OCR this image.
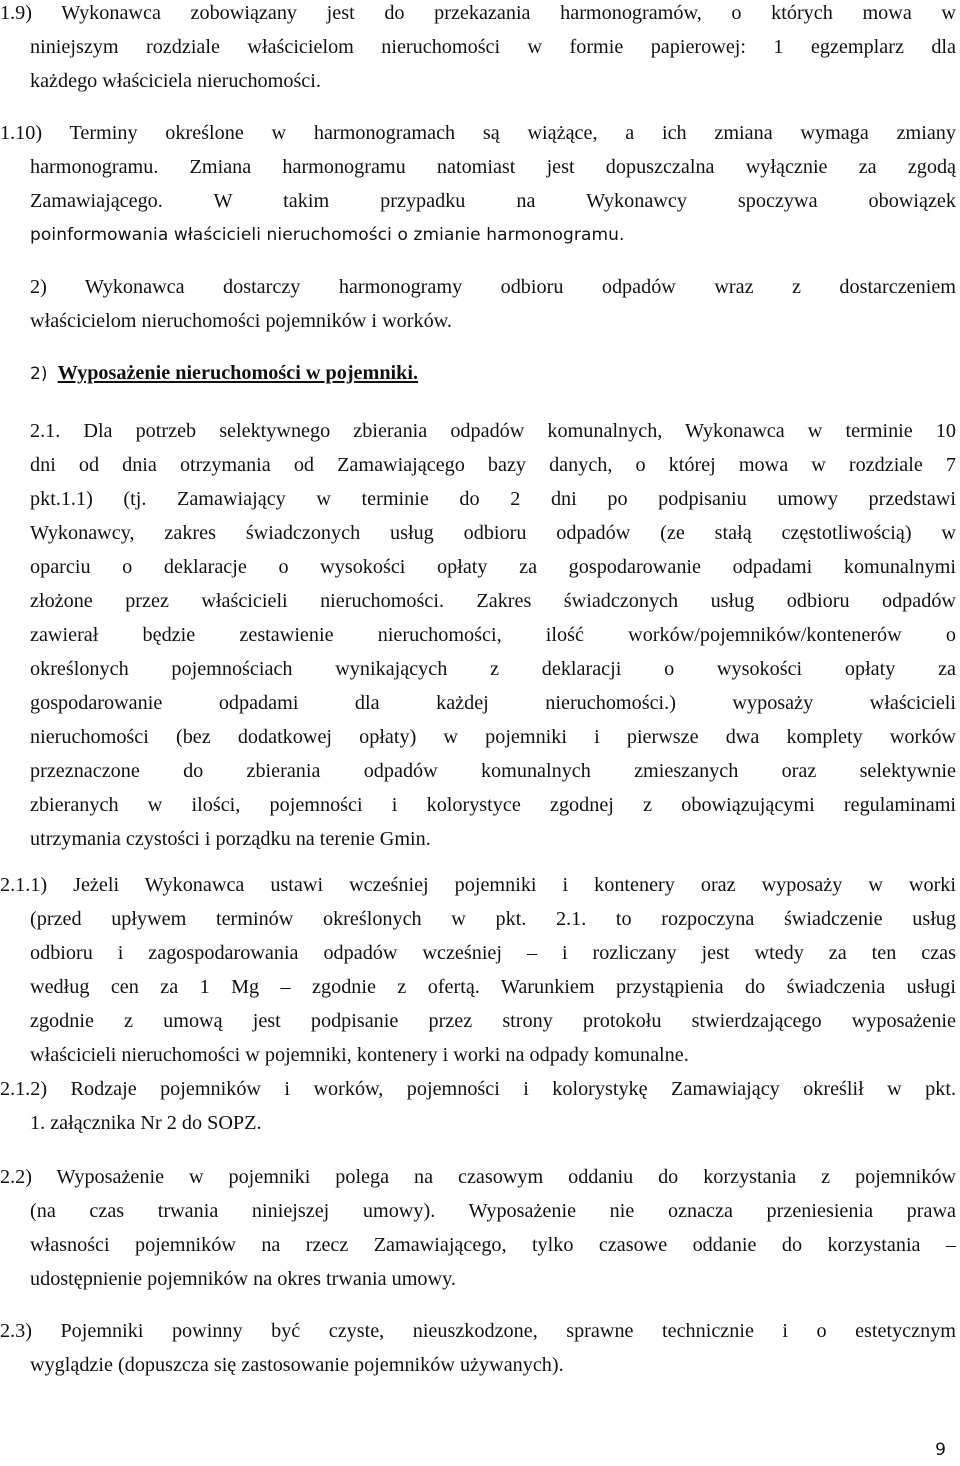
1.9) Wykonawca zobowiązany jest do przekazania harmonogramów, o których mowa w
niniejszym rozdziale właścicielom nieruchomości w formie papierowej: 1 egzemplarz dla
każdego właściciela nieruchomości.
1.10) Terminy określone w harmonogramach są wiążące, a ich zmiana wymaga zmiany
harmonogramu. Zmiana harmonogramu natomiast jest dopuszczalna wyłącznie za zgodą
Zamawiającego. W takim przypadku na Wykonawcy spoczywa obowiązek
poinformowania właścicieli nieruchomości o zmianie harmonogramu.
2) Wykonawca dostarczy harmonogramy odbioru odpadów wraz z dostarczeniem
właścicielom nieruchomości pojemników i worków.
2) Wyposażenie nieruchomości w pojemniki.
2.1. Dla potrzeb selektywnego zbierania odpadów komunalnych, Wykonawca w terminie 10
dni od dnia otrzymania od Zamawiającego bazy danych, o której mowa w rozdziale 7
pkt.1.1) (tj. Zamawiający w terminie do 2 dni po podpisaniu umowy przedstawi
Wykonawcy, zakres świadczonych usług odbioru odpadów (ze stałą częstotliwością) w
oparciu o deklaracje o wysokości opłaty za gospodarowanie odpadami komunalnymi
złożone przez właścicieli nieruchomości. Zakres świadczonych usług odbioru odpadów
zawierał będzie zestawienie nieruchomości, ilość worków/pojemników/kontenerów o
określonych pojemnościach wynikających z deklaracji o wysokości opłaty za
gospodarowanie odpadami dla każdej nieruchomości.) wyposaży właścicieli
nieruchomości (bez dodatkowej opłaty) w pojemniki i pierwsze dwa komplety worków
przeznaczone do zbierania odpadów komunalnych zmieszanych oraz selektywnie
zbieranych w ilości, pojemności i kolorystyce zgodnej z obowiązującymi regulaminami
utrzymania czystości i porządku na terenie Gmin.
2.1.1) Jeżeli Wykonawca ustawi wcześniej pojemniki i kontenery oraz wyposaży w worki
(przed upływem terminów określonych w pkt. 2.1. to rozpoczyna świadczenie usług
odbioru i zagospodarowania odpadów wcześniej – i rozliczany jest wtedy za ten czas
według cen za 1 Mg – zgodnie z ofertą. Warunkiem przystąpienia do świadczenia usługi
zgodnie z umową jest podpisanie przez strony protokołu stwierdzającego wyposażenie
właścicieli nieruchomości w pojemniki, kontenery i worki na odpady komunalne.
2.1.2) Rodzaje pojemników i worków, pojemności i kolorystykę Zamawiający określił w pkt.
1. załącznika Nr 2 do SOPZ.
2.2) Wyposażenie w pojemniki polega na czasowym oddaniu do korzystania z pojemników
(na czas trwania niniejszej umowy). Wyposażenie nie oznacza przeniesienia prawa
własności pojemników na rzecz Zamawiającego, tylko czasowe oddanie do korzystania –
udostępnienie pojemników na okres trwania umowy.
2.3) Pojemniki powinny być czyste, nieuszkodzone, sprawne technicznie i o estetycznym
wyglądzie (dopuszcza się zastosowanie pojemników używanych).
9
